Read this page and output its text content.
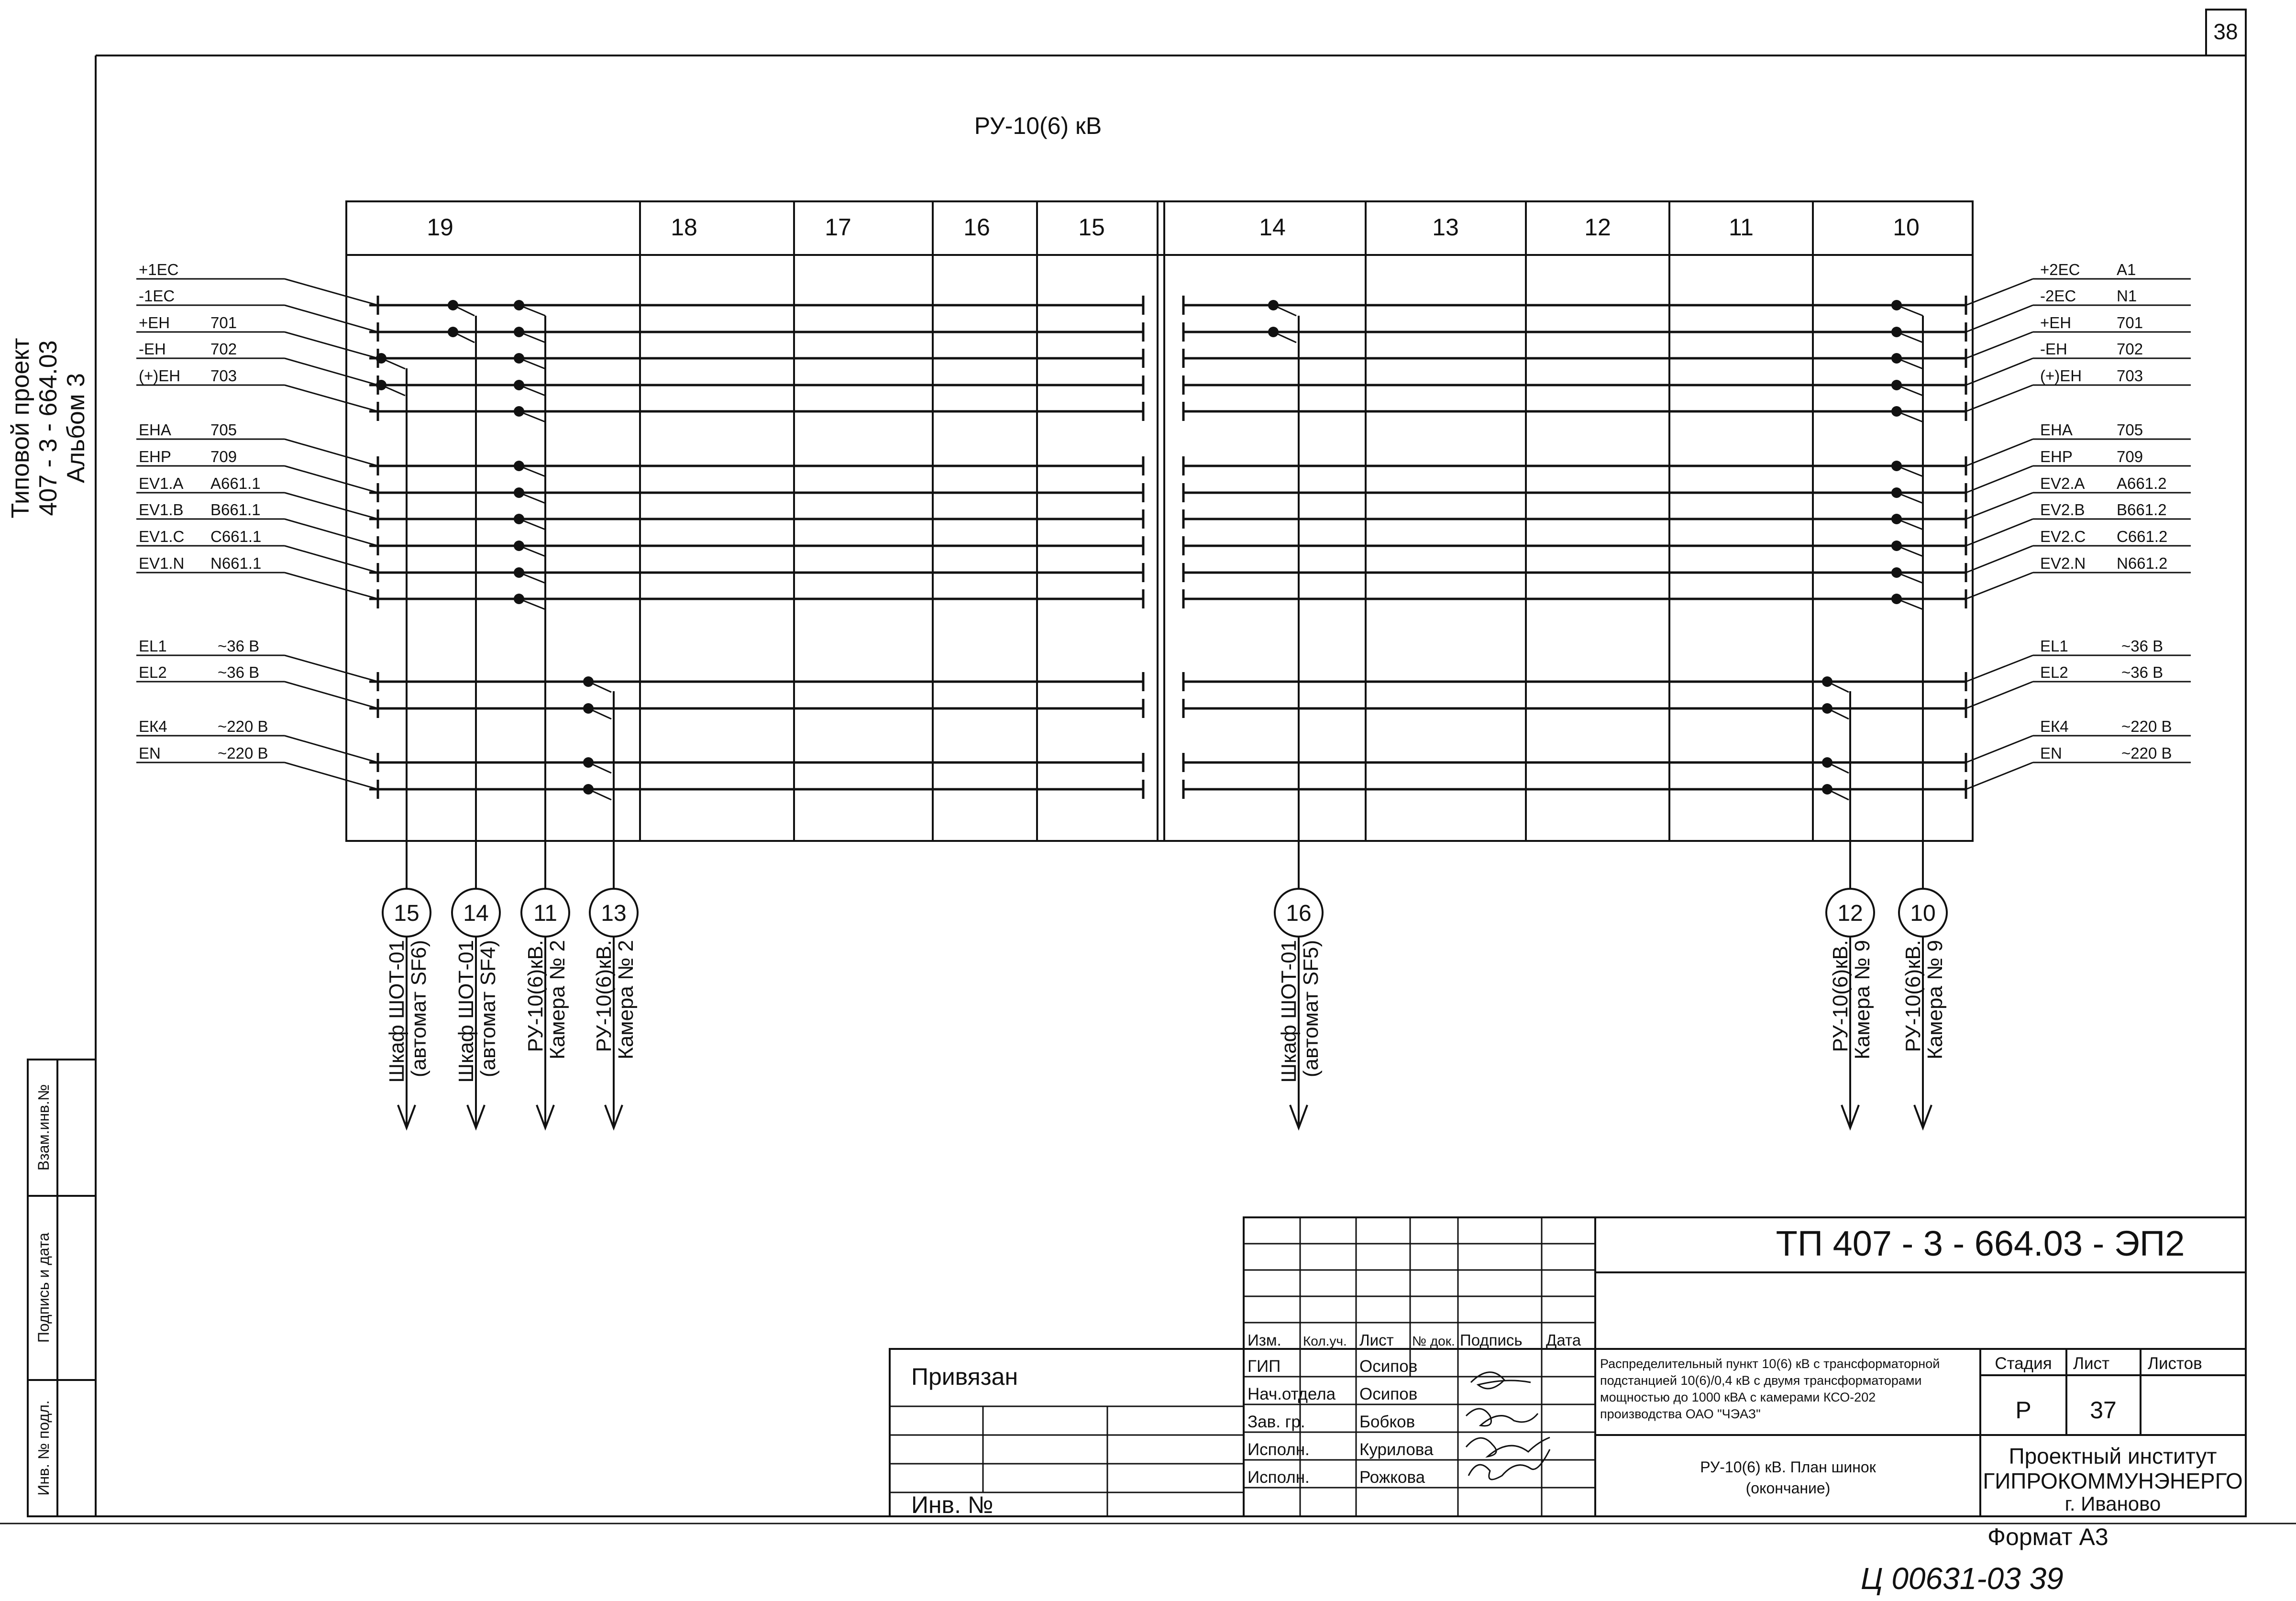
38
Типовой проект 407 - 3 - 664.03 Альбом 3
Инв. № подл.
Подпись и дата
Взам.инв.№
РУ-10(6) кВ
19	18	17	16	15	14	13	12	11	10
+1ЕС	+2ЕС A1
-1ЕС	-2ЕС	N1
+ЕН	701	+ЕН	701
-ЕН	702	-ЕН	702
(+)ЕН 703	(+)ЕН 703
ЕНА 705	ЕНА	705
ЕНР 709	ЕНР	709
EV1.A A661.1	EV2.A A661.2
EV1.B B661.1	EV2.B B661.2
EV1.C C661.1	EV2.C C661.2
EV1.N N661.1	EV2.N N661.2
EL1	~36 В	EL1	~36 В
EL2	~36 В	EL2	~36 В
ЕК4	~220 В	ЕК4	~220 В
ЕN	~220 В	ЕN	~220 В
15
Шкаф ШОТ-01
(автомат SF6)
14
Шкаф ШОТ-01
(автомат SF4)
11
РУ-10(6)кВ.
Камера № 2
13
РУ-10(6)кВ.
Камера № 2
16
Шкаф ШОТ-01
(автомат SF5)
12
РУ-10(6)кВ.
Камера № 9
10
РУ-10(6)кВ.
Камера № 9
ТП 407 - 3 - 664.03 - ЭП2
Привязан
Инв. №
Изм. Кол.уч. Лист № док. Подпись Дата
ГИП	Осипов
Нач.отдела Осипов
Зав. гр.	Бобков
Исполн.	Курилова
Исполн.	Рожкова
Распределительный пункт 10(6) кВ с трансформаторной
подстанцией 10(6)/0,4 кВ с двумя трансформаторами
мощностью до 1000 кВА с камерами КСО-202
производства ОАО "ЧЭАЗ"
РУ-10(6) кВ. План шинок
(окончание)
Стадия Лист Листов
Р 37
Проектный институт
ГИПРОКОММУНЭНЕРГО
г. Иваново
Формат А3
Ц 00631-03 39
